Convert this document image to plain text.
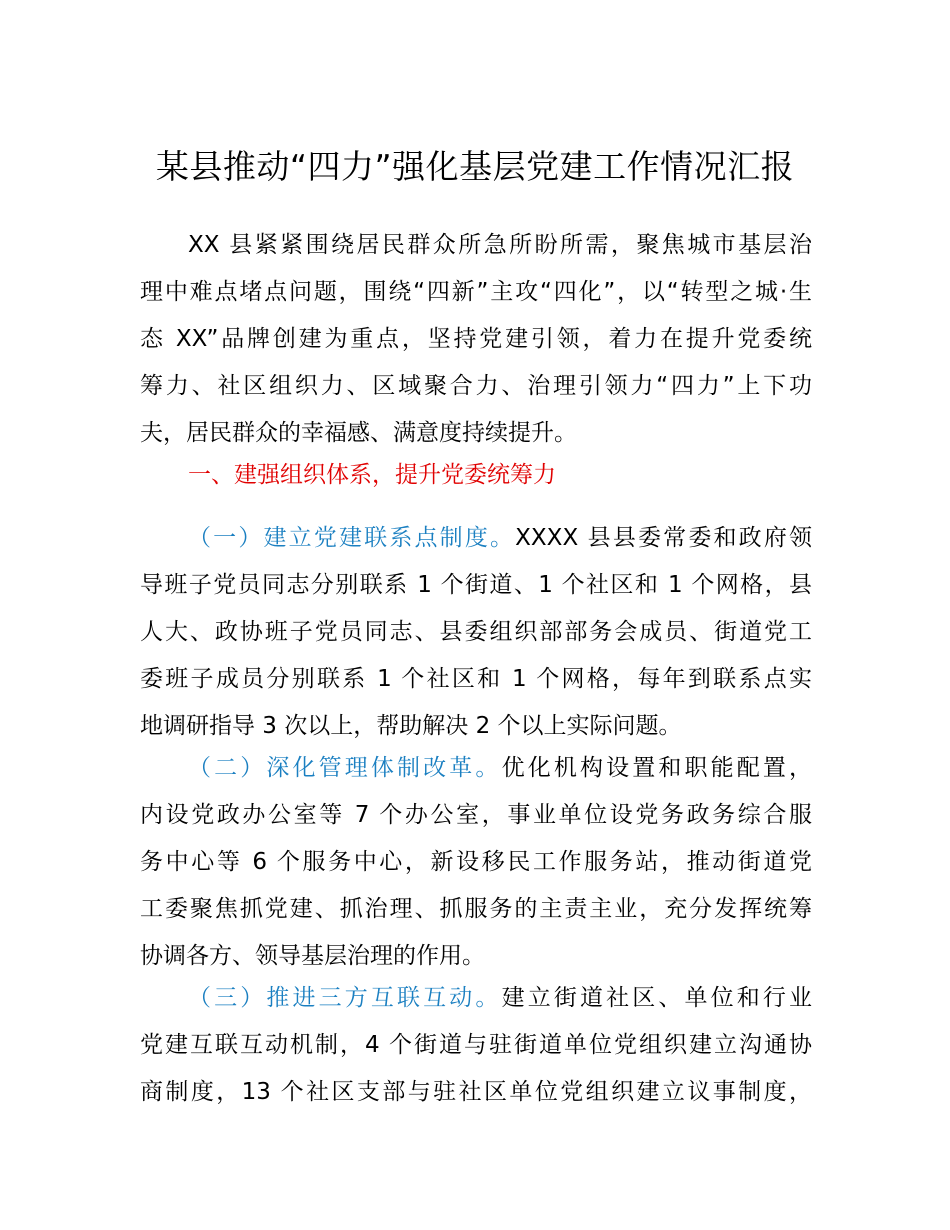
某县推动“四力”强化基层党建工作情况汇报
XX 县紧紧围绕居民群众所急所盼所需，聚焦城市基层治
理中难点堵点问题，围绕“四新”主攻“四化”，以“转型之城·生
态 XX”品牌创建为重点，坚持党建引领，着力在提升党委统
筹力、社区组织力、区域聚合力、治理引领力“四力”上下功
夫，居民群众的幸福感、满意度持续提升。
一、建强组织体系，提升党委统筹力
（一）建立党建联系点制度。XXXX 县县委常委和政府领
导班子党员同志分别联系 1 个街道、1 个社区和 1 个网格，县
人大、政协班子党员同志、县委组织部部务会成员、街道党工
委班子成员分别联系 1 个社区和 1 个网格，每年到联系点实
地调研指导 3 次以上，帮助解决 2 个以上实际问题。
（二）深化管理体制改革。优化机构设置和职能配置，
内设党政办公室等 7 个办公室，事业单位设党务政务综合服
务中心等 6 个服务中心，新设移民工作服务站，推动街道党
工委聚焦抓党建、抓治理、抓服务的主责主业，充分发挥统筹
协调各方、领导基层治理的作用。
（三）推进三方互联互动。建立街道社区、单位和行业
党建互联互动机制，4 个街道与驻街道单位党组织建立沟通协
商制度，13 个社区支部与驻社区单位党组织建立议事制度，
